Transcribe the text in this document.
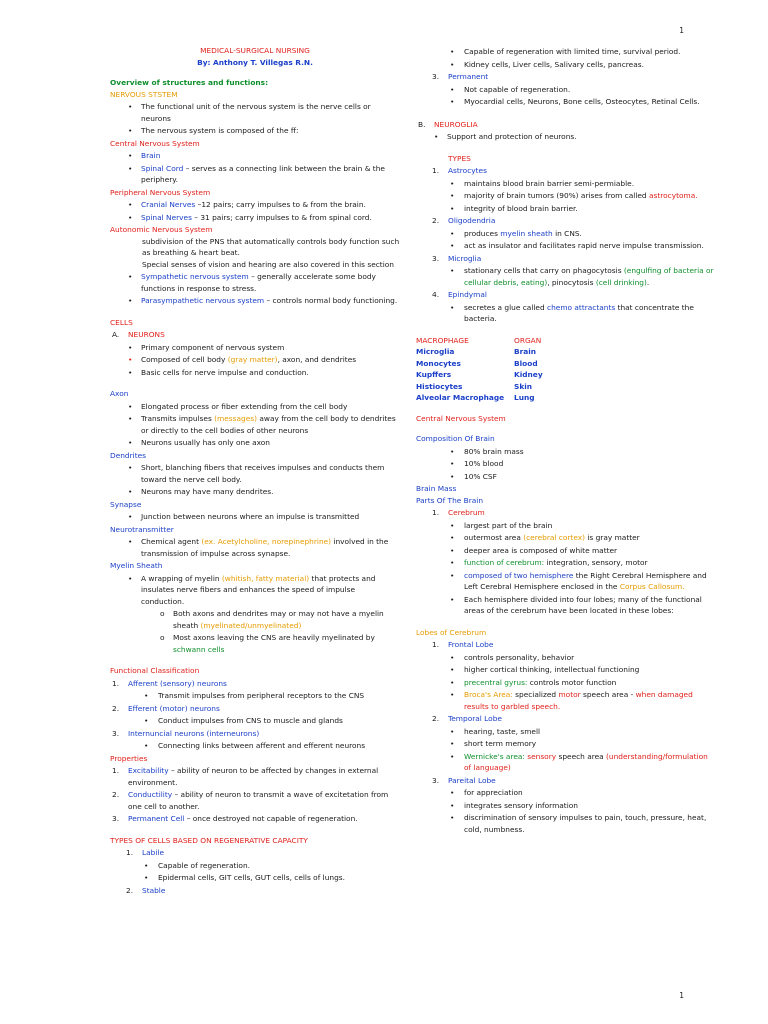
1
MEDICAL-SURGICAL NURSING
By: Anthony T. Villegas R.N.
Overview of structures and functions:
NERVOUS STSTEM
• The functional unit of the nervous system is the nerve cells or neurons
• The nervous system is composed of the ff:
Central Nervous System
• Brain
• Spinal Cord – serves as a connecting link between the brain & the periphery.
Peripheral Nervous System
• Cranial Nerves –12 pairs; carry impulses to & from the brain.
• Spinal Nerves – 31 pairs; carry impulses to & from spinal cord.
Autonomic Nervous System
subdivision of the PNS that automatically controls body function such as breathing & heart beat.
Special senses of vision and hearing are also covered in this section
• Sympathetic nervous system – generally accelerate some body functions in response to stress.
• Parasympathetic nervous system – controls normal body functioning.
CELLS
A. NEURONS
• Primary component of nervous system
• Composed of cell body (gray matter), axon, and dendrites
• Basic cells for nerve impulse and conduction.
Axon
• Elongated process or fiber extending from the cell body
• Transmits impulses (messages) away from the cell body to dendrites or directly to the cell bodies of other neurons
• Neurons usually has only one axon
Dendrites
• Short, blanching fibers that receives impulses and conducts them toward the nerve cell body.
• Neurons may have many dendrites.
Synapse
• Junction between neurons where an impulse is transmitted
Neurotransmitter
• Chemical agent (ex. Acetylcholine, norepinephrine) involved in the transmission of impulse across synapse.
Myelin Sheath
• A wrapping of myelin (whitish, fatty material) that protects and insulates nerve fibers and enhances the speed of impulse conduction.
o Both axons and dendrites may or may not have a myelin sheath (myelinated/unmyelinated)
o Most axons leaving the CNS are heavily myelinated by schwann cells
Functional Classification
1. Afferent (sensory) neurons
• Transmit impulses from peripheral receptors to the CNS
2. Efferent (motor) neurons
• Conduct impulses from CNS to muscle and glands
3. Internuncial neurons (interneurons)
• Connecting links between afferent and efferent neurons
Properties
1. Excitability – ability of neuron to be affected by changes in external environment.
2. Conductility – ability of neuron to transmit a wave of excitetation from one cell to another.
3. Permanent Cell – once destroyed not capable of regeneration.
TYPES OF CELLS BASED ON REGENERATIVE CAPACITY
1. Labile
• Capable of regeneration.
• Epidermal cells, GIT cells, GUT cells, cells of lungs.
2. Stable
• Capable of regeneration with limited time, survival period.
• Kidney cells, Liver cells, Salivary cells, pancreas.
3. Permanent
• Not capable of regeneration.
• Myocardial cells, Neurons, Bone cells, Osteocytes, Retinal Cells.
B. NEUROGLIA
• Support and protection of neurons.
TYPES
1. Astrocytes
• maintains blood brain barrier semi-permiable.
• majority of brain tumors (90%) arises from called astrocytoma.
• integrity of blood brain barrier.
2. Oligodendria
• produces myelin sheath in CNS.
• act as insulator and facilitates rapid nerve impulse transmission.
3. Microglia
• stationary cells that carry on phagocytosis (engulfing of bacteria or cellular debris, eating), pinocytosis (cell drinking).
4. Epindymal
• secretes a glue called chemo attractants that concentrate the bacteria.
MACROPHAGE	ORGAN
Microglia	Brain
Monocytes	Blood
Kupffers	Kidney
Histiocytes	Skin
Alveolar Macrophage	Lung
Central Nervous System
Composition Of Brain
• 80% brain mass
• 10% blood
• 10% CSF
Brain Mass
Parts Of The Brain
1. Cerebrum
• largest part of the brain
• outermost area (cerebral cortex) is gray matter
• deeper area is composed of white matter
• function of cerebrum: integration, sensory, motor
• composed of two hemisphere the Right Cerebral Hemisphere and Left Cerebral Hemisphere enclosed in the Corpus Callosum.
• Each hemisphere divided into four lobes; many of the functional areas of the cerebrum have been located in these lobes:
Lobes of Cerebrum
1. Frontal Lobe
• controls personality, behavior
• higher cortical thinking, intellectual functioning
• precentral gyrus: controls motor function
• Broca's Area: specialized motor speech area - when damaged results to garbled speech.
2. Temporal Lobe
• hearing, taste, smell
• short term memory
• Wernicke's area: sensory speech area (understanding/formulation of language)
3. Pareital Lobe
• for appreciation
• integrates sensory information
• discrimination of sensory impulses to pain, touch, pressure, heat, cold, numbness.
1
